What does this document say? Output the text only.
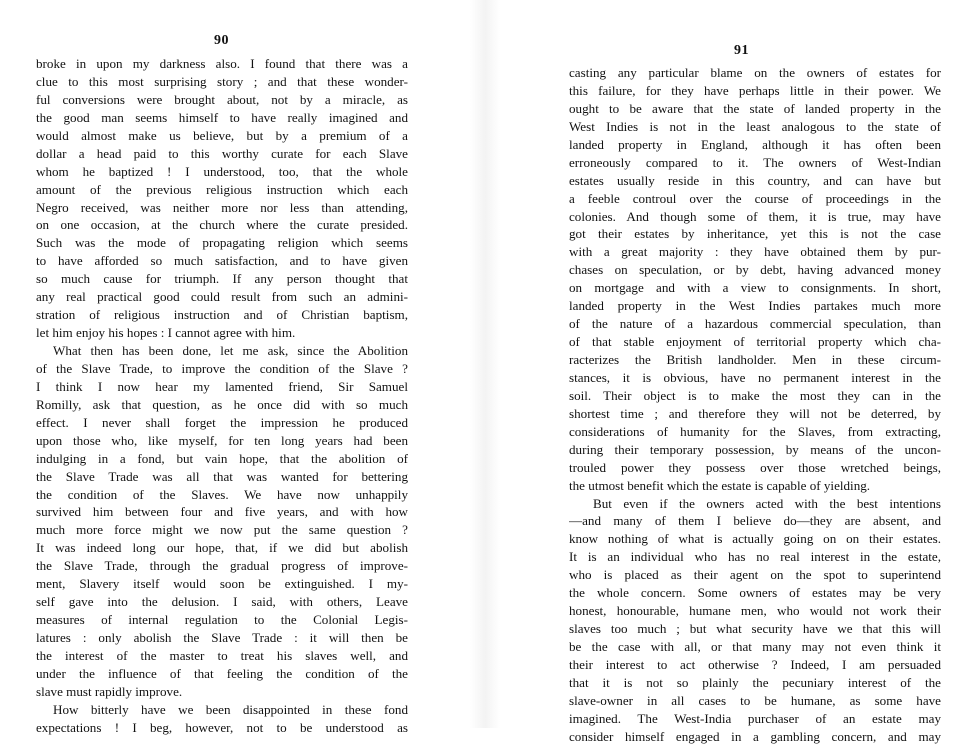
90
broke in upon my darkness also. I found that there was a
clue to this most surprising story ; and that these wonder-
ful conversions were brought about, not by a miracle, as
the good man seems himself to have really imagined and
would almost make us believe, but by a premium of a
dollar a head paid to this worthy curate for each Slave
whom he baptized ! I understood, too, that the whole
amount of the previous religious instruction which each
Negro received, was neither more nor less than attending,
on one occasion, at the church where the curate presided.
Such was the mode of propagating religion which seems
to have afforded so much satisfaction, and to have given
so much cause for triumph. If any person thought that
any real practical good could result from such an admini-
stration of religious instruction and of Christian baptism,
let him enjoy his hopes : I cannot agree with him.
What then has been done, let me ask, since the Abolition
of the Slave Trade, to improve the condition of the Slave ?
I think I now hear my lamented friend, Sir Samuel
Romilly, ask that question, as he once did with so much
effect. I never shall forget the impression he produced
upon those who, like myself, for ten long years had been
indulging in a fond, but vain hope, that the abolition of
the Slave Trade was all that was wanted for bettering
the condition of the Slaves. We have now unhappily
survived him between four and five years, and with how
much more force might we now put the same question ?
It was indeed long our hope, that, if we did but abolish
the Slave Trade, through the gradual progress of improve-
ment, Slavery itself would soon be extinguished. I my-
self gave into the delusion. I said, with others, Leave
measures of internal regulation to the Colonial Legis-
latures : only abolish the Slave Trade : it will then be
the interest of the master to treat his slaves well, and
under the influence of that feeling the condition of the
slave must rapidly improve.
How bitterly have we been disappointed in these fond
expectations ! I beg, however, not to be understood as
91
casting any particular blame on the owners of estates for
this failure, for they have perhaps little in their power. We
ought to be aware that the state of landed property in the
West Indies is not in the least analogous to the state of
landed property in England, although it has often been
erroneously compared to it. The owners of West-Indian
estates usually reside in this country, and can have but
a feeble controul over the course of proceedings in the
colonies. And though some of them, it is true, may have
got their estates by inheritance, yet this is not the case
with a great majority : they have obtained them by pur-
chases on speculation, or by debt, having advanced money
on mortgage and with a view to consignments. In short,
landed property in the West Indies partakes much more
of the nature of a hazardous commercial speculation, than
of that stable enjoyment of territorial property which cha-
racterizes the British landholder. Men in these circum-
stances, it is obvious, have no permanent interest in the
soil. Their object is to make the most they can in the
shortest time ; and therefore they will not be deterred, by
considerations of humanity for the Slaves, from extracting,
during their temporary possession, by means of the uncon-
trouled power they possess over those wretched beings,
the utmost benefit which the estate is capable of yielding.
But even if the owners acted with the best intentions
—and many of them I believe do—they are absent, and
know nothing of what is actually going on on their estates.
It is an individual who has no real interest in the estate,
who is placed as their agent on the spot to superintend
the whole concern. Some owners of estates may be very
honest, honourable, humane men, who would not work their
slaves too much ; but what security have we that this will
be the case with all, or that many may not even think it
their interest to act otherwise ? Indeed, I am persuaded
that it is not so plainly the pecuniary interest of the
slave-owner in all cases to be humane, as some have
imagined. The West-India purchaser of an estate may
consider himself engaged in a gambling concern, and may
